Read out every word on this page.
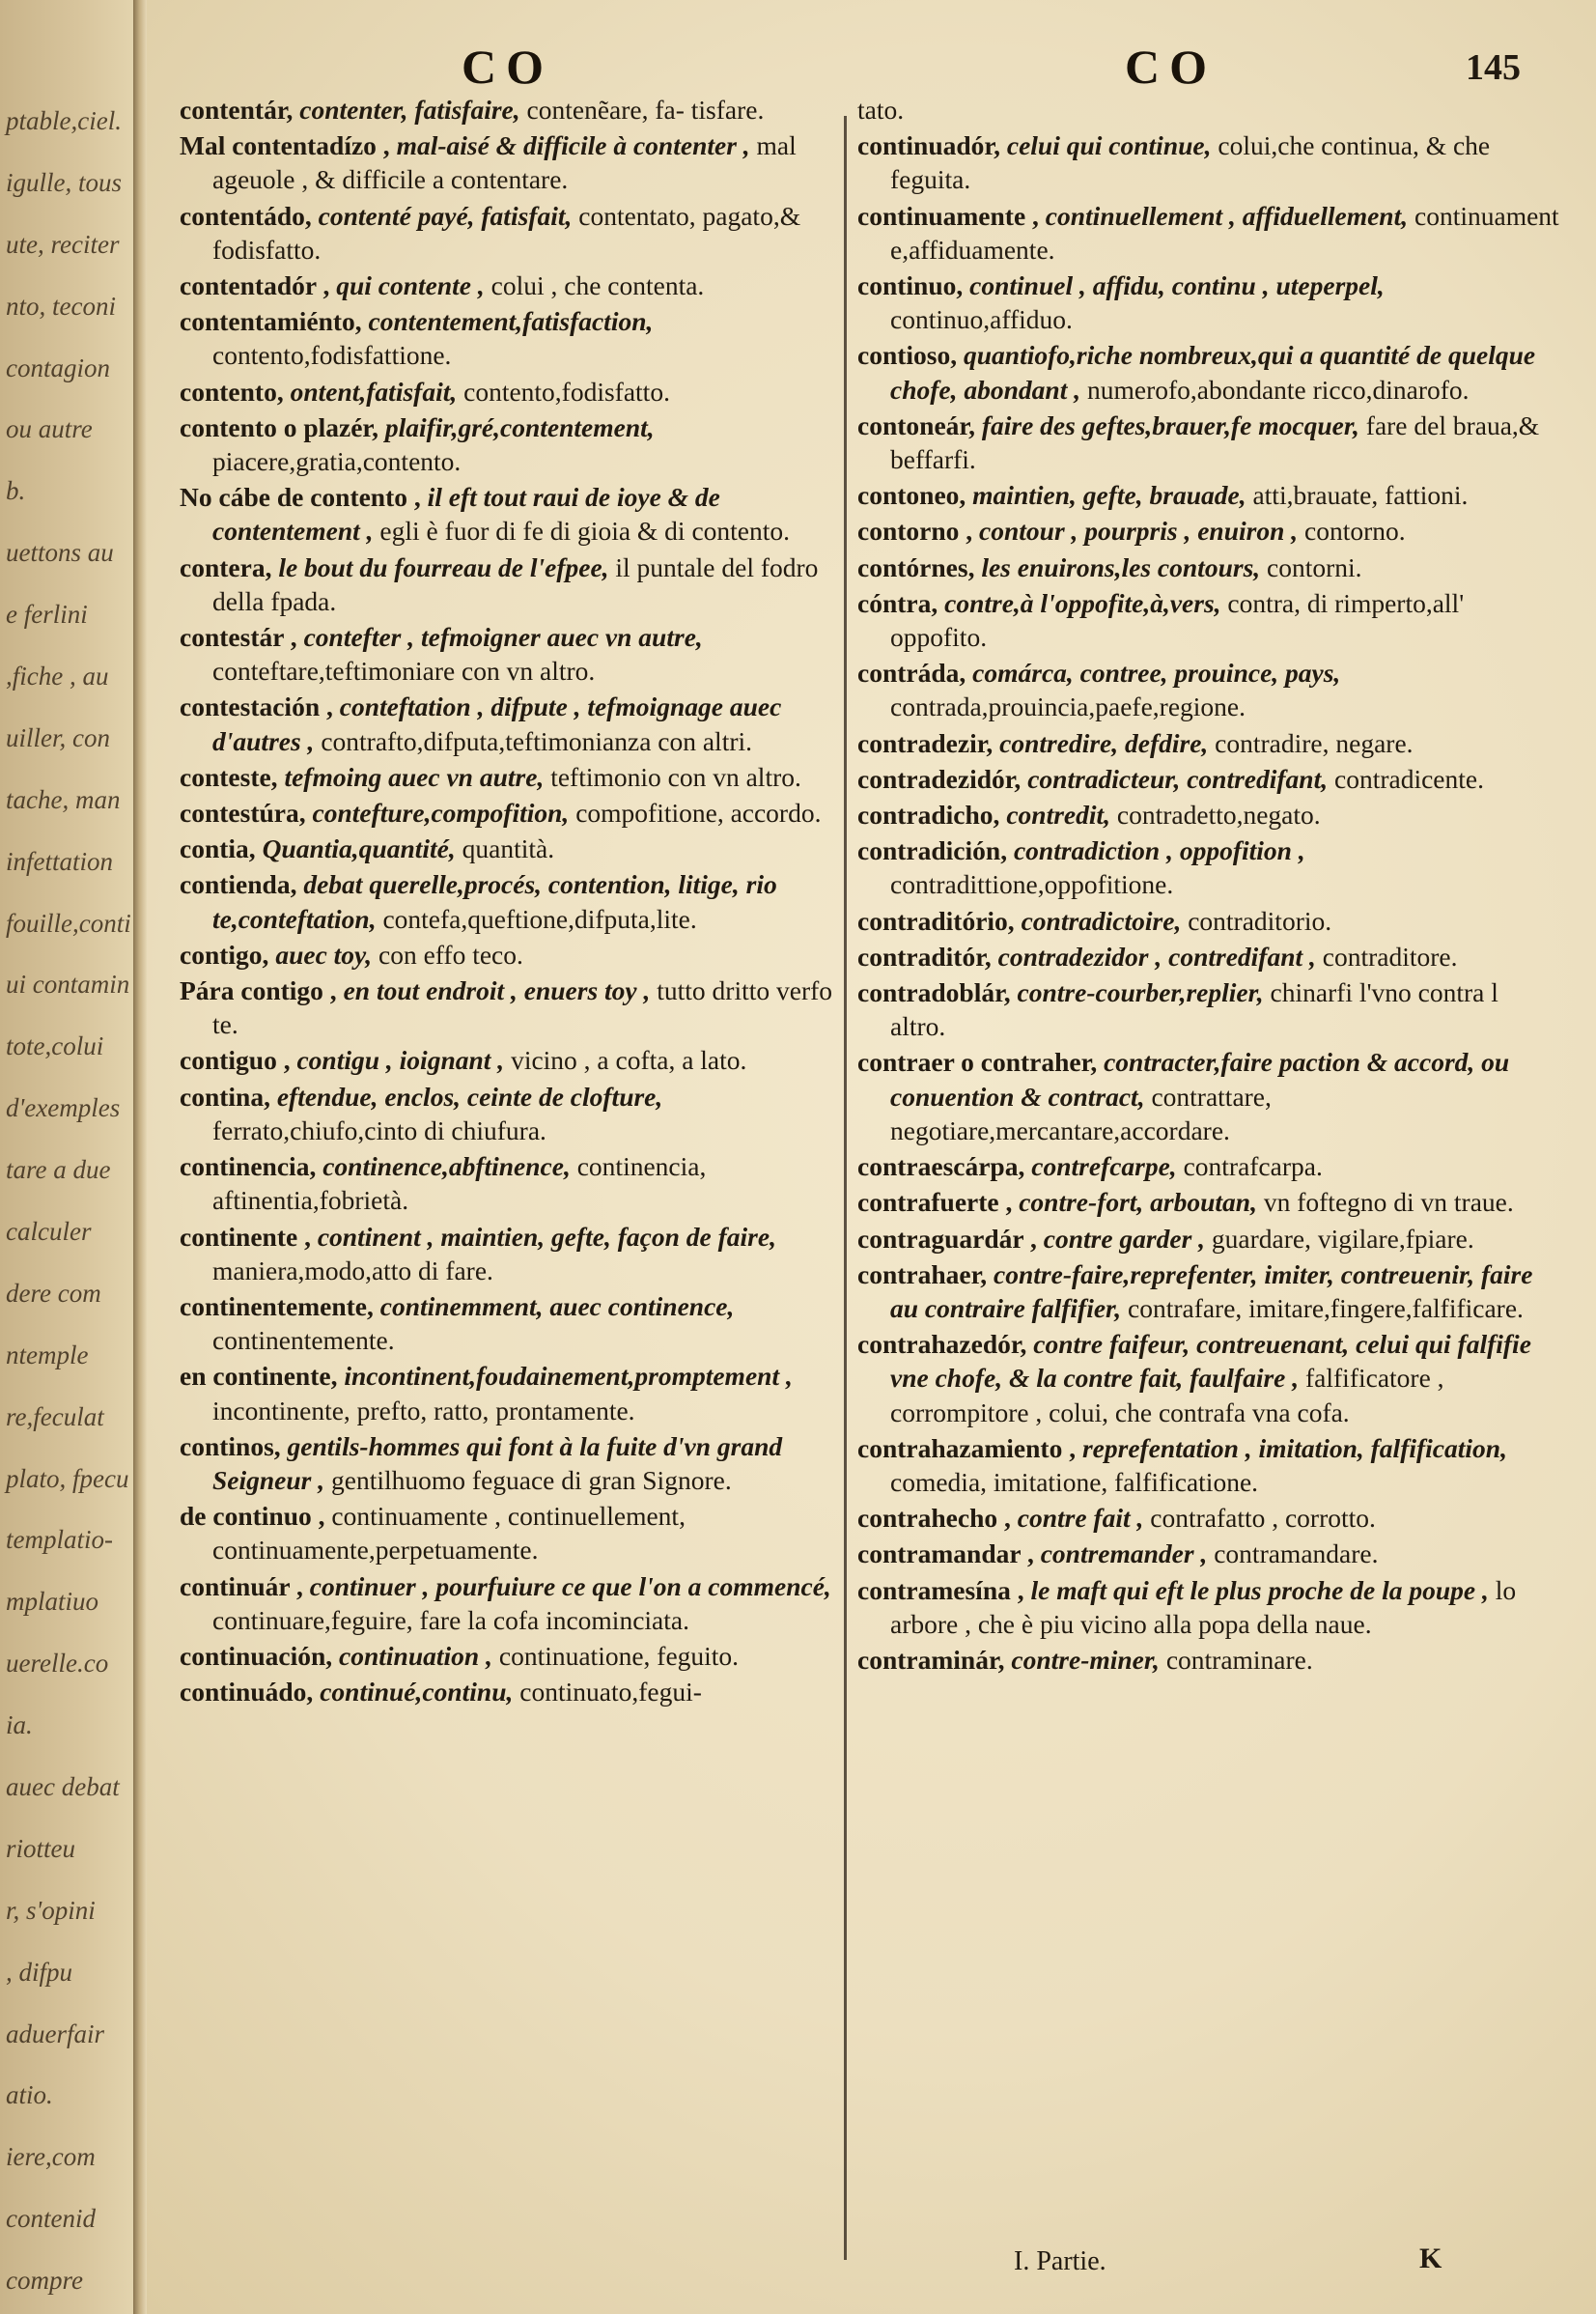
ptable,ciel.
igulle, tous
ute, reciter
nto, teconi
contagion
ou autre
b.
uettons au
e ferlini
,fiche , au
uiller, con
tache, man
infettation
fouille,conti
ui contamin
tote,colui
d'exemples
tare a due
calculer
dere com
ntemple
re,feculat
plato, fpecu
templatio-
mplatiuo
uerelle.co
ia.
auec debat
riotteu
r, s'opini
, difpu
aduerfair
atio.
iere,com
contenid
compre
CO	CO	145

contentár, contenter, fatisfaire, contenẽare, fa- tisfare.

Mal contentadízo , mal-aisé & difficile à contenter , mal ageuole , & difficile a contentare.

contentádo, contenté payé, fatisfait, contentato, pagato,& fodisfatto.

contentadór , qui contente , colui , che contenta.

contentamiénto, contentement,fatisfaction, contento,fodisfattione.

contento, ontent,fatisfait, contento,fodisfatto.

contento o plazér, plaifir,gré,contentement, piacere,gratia,contento.

No cábe de contento , il eft tout raui de ioye & de contentement , egli è fuor di fe di gioia & di contento.

contera, le bout du fourreau de l'efpee, il puntale del fodro della fpada.

contestár , contefter , tefmoigner auec vn autre, conteftare,teftimoniare con vn altro.

contestación , conteftation , difpute , tefmoignage auec d'autres , contrafto,difputa,teftimonianza con altri.

conteste, tefmoing auec vn autre, teftimonio con vn altro.

contestúra, contefture,compofition, compofitione, accordo.

contia, Quantia,quantité, quantità.

contienda, debat querelle,procés, contention, litige, rio te,conteftation, contefa,queftione,difputa,lite.

contigo, auec toy, con effo teco.

Pára contigo , en tout endroit , enuers toy , tutto dritto verfo te.

contiguo , contigu , ioignant , vicino , a cofta, a lato.

contina, eftendue, enclos, ceinte de clofture, ferrato,chiufo,cinto di chiufura.

continencia, continence,abftinence, continencia, aftinentia,fobrietà.

continente , continent , maintien, gefte, façon de faire, maniera,modo,atto di fare.

continentemente, continemment, auec continence, continentemente.

en continente, incontinent,foudainement,promptement , incontinente, prefto, ratto, prontamente.

continos, gentils-hommes qui font à la fuite d'vn grand Seigneur , gentilhuomo feguace di gran Signore.

de continuo , continuamente , continuellement, continuamente,perpetuamente.

continuár , continuer , pourfuiure ce que l'on a commencé, continuare,feguire, fare la cofa incominciata.

continuación, continuation , continuatione, feguito.

continuádo, continué,continu, continuato,fegui-

tato.

continuadór, celui qui continue, colui,che continua, & che feguita.

continuamente , continuellement , affiduellement, continuament e,affiduamente.

continuo, continuel , affidu, continu , uteperpel, continuo,affiduo.

contioso, quantiofo,riche nombreux,qui a quantité de quelque chofe, abondant , numerofo,abondante ricco,dinarofo.

contoneár, faire des geftes,brauer,fe mocquer, fare del braua,& beffarfi.

contoneo, maintien, gefte, brauade, atti,brauate, fattioni.

contorno , contour , pourpris , enuiron , contorno.

contórnes, les enuirons,les contours, contorni.

cóntra, contre,à l'oppofite,à,vers, contra, di rimperto,all' oppofito.

contráda, comárca, contree, prouince, pays, contrada,prouincia,paefe,regione.

contradezir, contredire, defdire, contradire, negare.

contradezidór, contradicteur, contredifant, contradicente.

contradicho, contredit, contradetto,negato.

contradición, contradiction , oppofition , contradittione,oppofitione.

contraditório, contradictoire, contraditorio.

contraditór, contradezidor , contredifant , contraditore.

contradoblár, contre-courber,replier, chinarfi l'vno contra l altro.

contraer o contraher, contracter,faire paction & accord, ou conuention & contract, contrattare, negotiare,mercantare,accordare.

contraescárpa, contrefcarpe, contrafcarpa.

contrafuerte , contre-fort, arboutan, vn foftegno di vn traue.

contraguardár , contre garder , guardare, vigilare,fpiare.

contrahaer, contre-faire,reprefenter, imiter, contreuenir, faire au contraire falfifier, contrafare, imitare,fingere,falfificare.

contrahazedór, contre faifeur, contreuenant, celui qui falfifie vne chofe, & la contre fait, faulfaire , falfificatore , corrompitore , colui, che contrafa vna cofa.

contrahazamiento , reprefentation , imitation, falfification, comedia, imitatione, falfificatione.

contrahecho , contre fait , contrafatto , corrotto.

contramandar , contremander , contramandare.

contramesína , le maft qui eft le plus proche de la poupe , lo arbore , che è piu vicino alla popa della naue.

contraminár, contre-miner, contraminare.

I. Partie.	K
